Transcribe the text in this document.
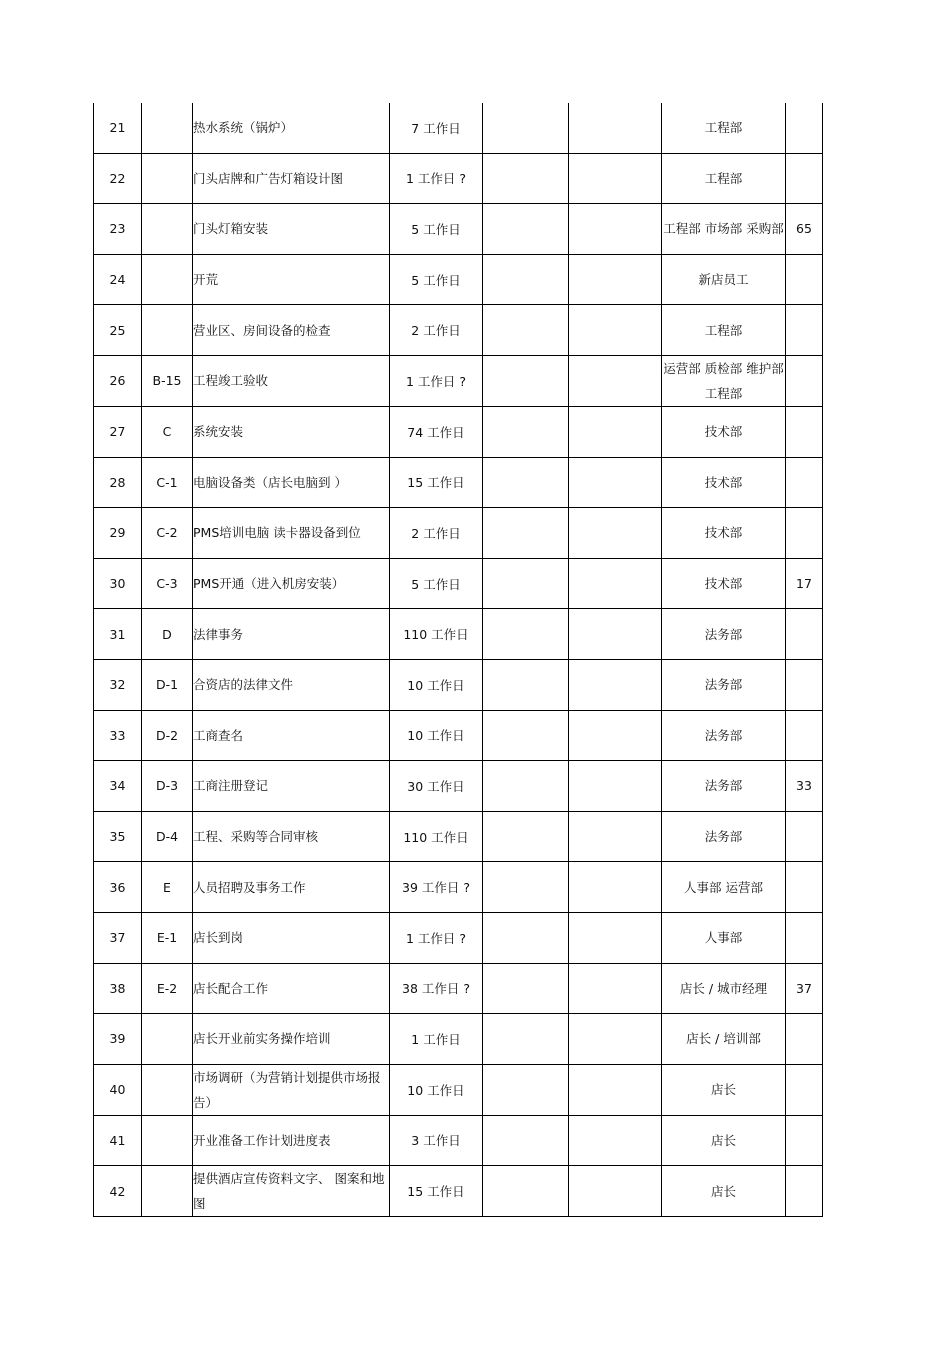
21		热水系统（锅炉）	7 工作日			工程部	
22		门头店牌和广告灯箱设计图	1 工作日 ?			工程部	
23		门头灯箱安装	5 工作日			工程部 市场部 采购部	65
24		开荒	5 工作日			新店员工	
25		营业区、房间设备的检查	2 工作日			工程部	
26	B-15	工程竣工验收	1 工作日 ?			运营部 质检部 维护部 工程部	
27	C	系统安装	74 工作日			技术部	
28	C-1	电脑设备类（店长电脑到 ）	15 工作日			技术部	
29	C-2	PMS培训电脑 读卡器设备到位	2 工作日			技术部	
30	C-3	PMS开通（进入机房安装）	5 工作日			技术部	17
31	D	法律事务	110 工作日			法务部	
32	D-1	合资店的法律文件	10 工作日			法务部	
33	D-2	工商查名	10 工作日			法务部	
34	D-3	工商注册登记	30 工作日			法务部	33
35	D-4	工程、采购等合同审核	110 工作日			法务部	
36	E	人员招聘及事务工作	39 工作日 ?			人事部 运营部	
37	E-1	店长到岗	1 工作日 ?			人事部	
38	E-2	店长配合工作	38 工作日 ?			店长 / 城市经理	37
39		店长开业前实务操作培训	1 工作日			店长 / 培训部	
40		市场调研（为营销计划提供市场报告）	10 工作日			店长	
41		开业准备工作计划进度表	3 工作日			店长	
42		提供酒店宣传资料文字、 图案和地图	15 工作日			店长	
